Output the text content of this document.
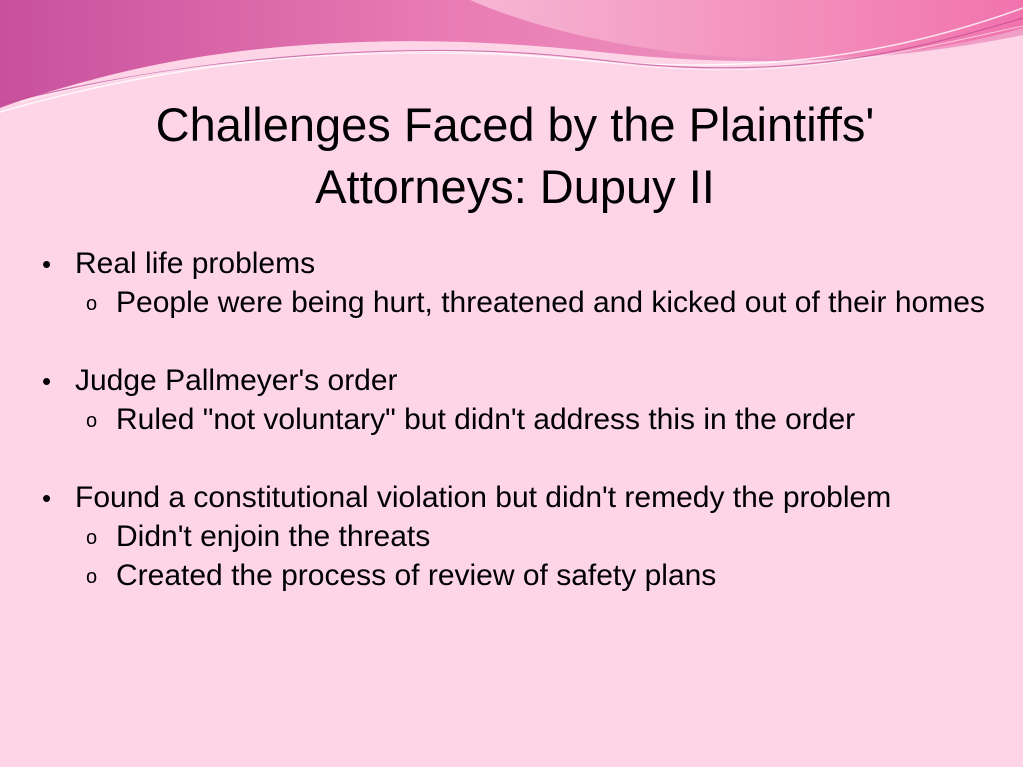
Challenges Faced by the Plaintiffs'
Attorneys: Dupuy II
• Real life problems
o People were being hurt, threatened and kicked out of their homes
• Judge Pallmeyer's order
o Ruled "not voluntary" but didn't address this in the order
• Found a constitutional violation but didn't remedy the problem
o Didn't enjoin the threats
o Created the process of review of safety plans
